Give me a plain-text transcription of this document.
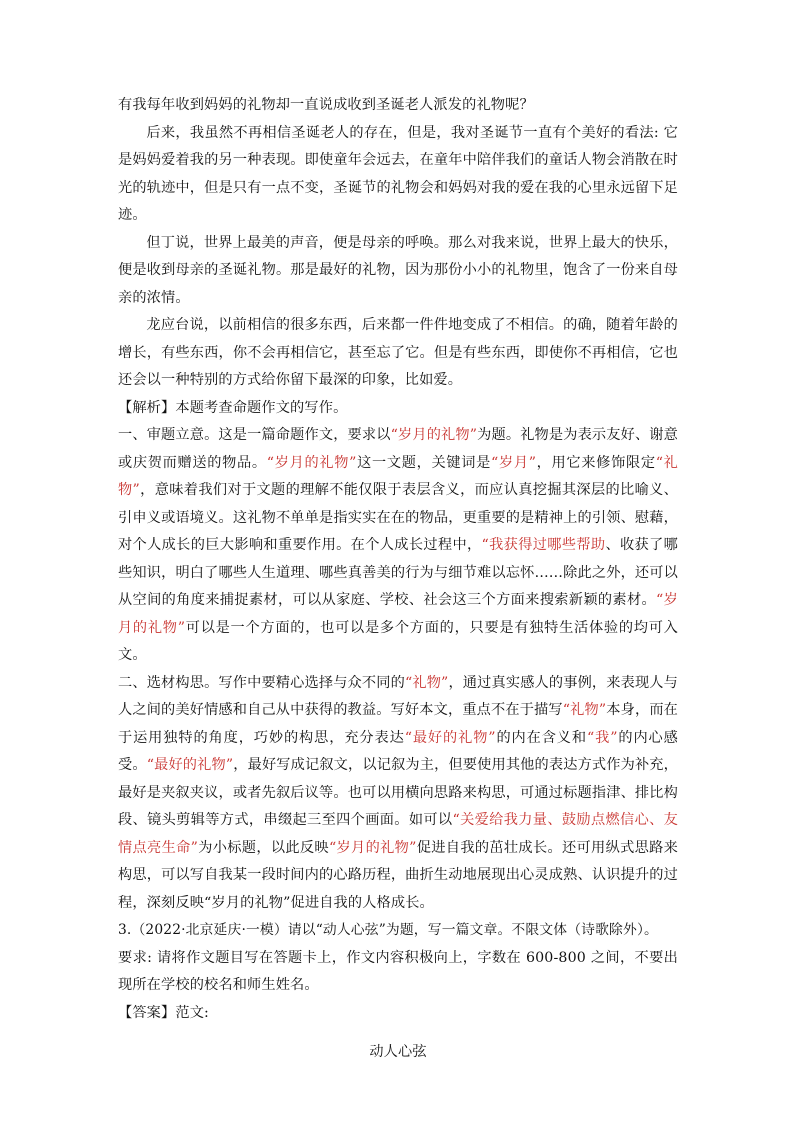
有我每年收到妈妈的礼物却一直说成收到圣诞老人派发的礼物呢？

后来，我虽然不再相信圣诞老人的存在，但是，我对圣诞节一直有个美好的看法: 它是妈妈爱着我的另一种表现。即使童年会远去，在童年中陪伴我们的童话人物会消散在时光的轨迹中，但是只有一点不变，圣诞节的礼物会和妈妈对我的爱在我的心里永远留下足迹。

但丁说，世界上最美的声音，便是母亲的呼唤。那么对我来说，世界上最大的快乐，便是收到母亲的圣诞礼物。那是最好的礼物，因为那份小小的礼物里，饱含了一份来自母亲的浓情。

龙应台说，以前相信的很多东西，后来都一件件地变成了不相信。的确，随着年龄的增长，有些东西，你不会再相信它，甚至忘了它。但是有些东西，即使你不再相信，它也还会以一种特别的方式给你留下最深的印象，比如爱。

【解析】本题考查命题作文的写作。

一、审题立意。这是一篇命题作文，要求以“岁月的礼物”为题。礼物是为表示友好、谢意或庆贺而赠送的物品。“岁月的礼物”这一文题，关键词是“岁月”，用它来修饰限定“礼物”，意味着我们对于文题的理解不能仅限于表层含义，而应认真挖掘其深层的比喻义、引申义或语境义。这礼物不单单是指实实在在的物品，更重要的是精神上的引领、慰藉，对个人成长的巨大影响和重要作用。在个人成长过程中，“我获得过哪些帮助、收获了哪些知识，明白了哪些人生道理、哪些真善美的行为与细节难以忘怀……除此之外，还可以从空间的角度来捕捉素材，可以从家庭、学校、社会这三个方面来搜索新颖的素材。“岁月的礼物”可以是一个方面的，也可以是多个方面的，只要是有独特生活体验的均可入文。

二、选材构思。写作中要精心选择与众不同的“礼物”，通过真实感人的事例，来表现人与人之间的美好情感和自己从中获得的教益。写好本文，重点不在于描写“礼物”本身，而在于运用独特的角度，巧妙的构思，充分表达“最好的礼物”的内在含义和“我”的内心感受。“最好的礼物”，最好写成记叙文，以记叙为主，但要使用其他的表达方式作为补充，最好是夹叙夹议，或者先叙后议等。也可以用横向思路来构思，可通过标题指津、排比构段、镜头剪辑等方式，串缀起三至四个画面。如可以“关爱给我力量、鼓励点燃信心、友情点亮生命”为小标题，以此反映“岁月的礼物”促进自我的茁壮成长。还可用纵式思路来构思，可以写自我某一段时间内的心路历程，曲折生动地展现出心灵成熟、认识提升的过程，深刻反映“岁月的礼物”促进自我的人格成长。

3.（2022·北京延庆·一模）请以“动人心弦”为题，写一篇文章。不限文体（诗歌除外）。

要求: 请将作文题目写在答题卡上，作文内容积极向上，字数在 600-800 之间，不要出现所在学校的校名和师生姓名。

【答案】范文:

动人心弦
